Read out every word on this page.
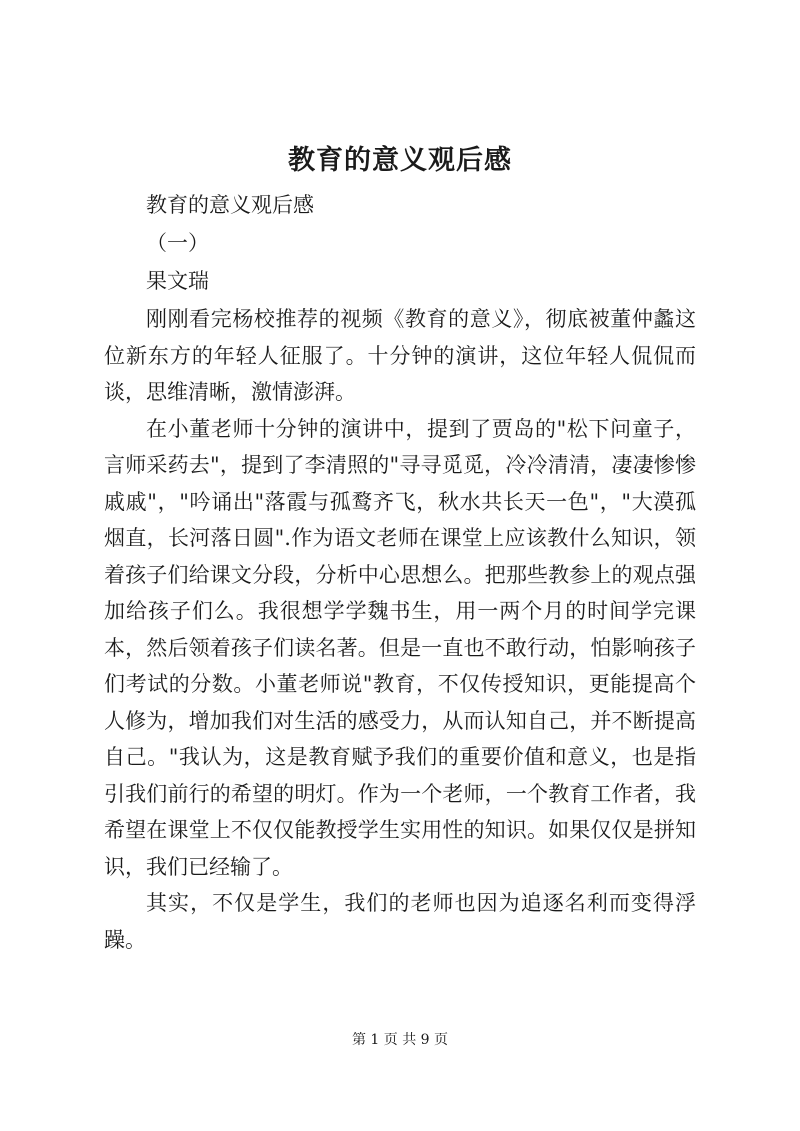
教育的意义观后感

教育的意义观后感

（一）

果文瑞

刚刚看完杨校推荐的视频《教育的意义》，彻底被董仲蠡这位新东方的年轻人征服了。十分钟的演讲，这位年轻人侃侃而谈，思维清晰，激情澎湃。

在小董老师十分钟的演讲中，提到了贾岛的"松下问童子，言师采药去"，提到了李清照的"寻寻觅觅，冷冷清清，凄凄惨惨戚戚"，"吟诵出"落霞与孤鹜齐飞，秋水共长天一色"，"大漠孤烟直，长河落日圆".作为语文老师在课堂上应该教什么知识，领着孩子们给课文分段，分析中心思想么。把那些教参上的观点强加给孩子们么。我很想学学魏书生，用一两个月的时间学完课本，然后领着孩子们读名著。但是一直也不敢行动，怕影响孩子们考试的分数。小董老师说"教育，不仅传授知识，更能提高个人修为，增加我们对生活的感受力，从而认知自己，并不断提高自己。"我认为，这是教育赋予我们的重要价值和意义，也是指引我们前行的希望的明灯。作为一个老师，一个教育工作者，我希望在课堂上不仅仅能教授学生实用性的知识。如果仅仅是拼知识，我们已经输了。

其实，不仅是学生，我们的老师也因为追逐名利而变得浮躁。

第 1 页 共 9 页
